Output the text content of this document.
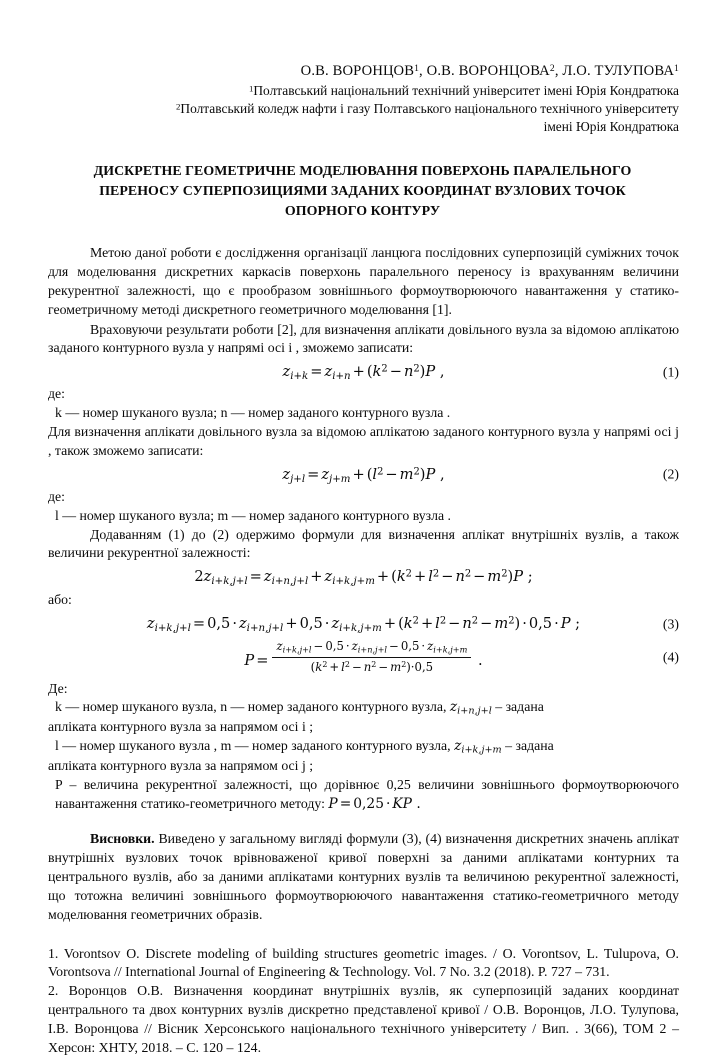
О.В. ВОРОНЦОВ$^1$, О.В. ВОРОНЦОВА$^2$, Л.О. ТУЛУПОВА$^1$
$^1$Полтавський національний технічний університет імені Юрія Кондратюка
$^2$Полтавський коледж нафти і газу Полтавського національного технічного університету
імені Юрія Кондратюка
ДИСКРЕТНЕ ГЕОМЕТРИЧНЕ МОДЕЛЮВАННЯ ПОВЕРХОНЬ ПАРАЛЕЛЬНОГО
ПЕРЕНОСУ СУПЕРПОЗИЦИЯМИ ЗАДАНИХ КООРДИНАТ ВУЗЛОВИХ ТОЧОК
ОПОРНОГО КОНТУРУ

Метою даної роботи є дослідження організації ланцюга послідовних суперпозицій суміжних точок для моделювання дискретних каркасів поверхонь паралельного переносу із врахуванням величини рекурентної залежності, що є прообразом зовнішнього формоутворюючого навантаження у статико-геометричному методі дискретного геометричного моделювання [1].

Враховуючи результати роботи [2], для визначення аплікати довільного вузла за відомою аплікатою заданого контурного вузла у напрямі осі i , зможемо записати:

$z_{i+k} = z_{i+n} + (k^2 - n^2)P$ ,	(1)

де:

k — номер шуканого вузла; n — номер заданого контурного вузла .

Для визначення аплікати довільного вузла за відомою аплікатою заданого контурного вузла у напрямі осі j , також зможемо записати:

$z_{j+l} = z_{j+m} + (l^2 - m^2)P$ ,	(2)

де:

l — номер шуканого вузла; m — номер заданого контурного вузла .

Додаванням (1) до (2) одержимо формули для визначення аплікат внутрішніх вузлів, а також величини рекурентної залежності:

$2z_{i+k,j+l} = z_{i+n,j+l} + z_{i+k,j+m} + (k^2 + l^2 - n^2 - m^2)P$ ;

або:

$z_{i+k,j+l} = 0,5 \cdot z_{i+n,j+l} + 0,5 \cdot z_{i+k,j+m} + (k^2 + l^2 - n^2 - m^2) \cdot 0,5 \cdot P$ ;	(3)
$P = \frac{z_{i+k,j+l} - 0,5 \cdot z_{i+n,j+l} - 0,5 \cdot z_{i+k,j+m}}{(k^2 + l^2 - n^2 - m^2)\cdot 0,5}$ .	(4)

Де:

k — номер шуканого вузла, n — номер заданого контурного вузла, $z_{i+n,j+l}$ – задана

апліката контурного вузла за напрямом осі i ;

l — номер шуканого вузла , m — номер заданого контурного вузла, $z_{i+k,j+m}$ – задана

апліката контурного вузла за напрямом осі j ;

P – величина рекурентної залежності, що дорівнює 0,25 величини зовнішнього формоутворюючого навантаження статико-геометричного методу: P = 0,25 · KP .

Висновки. Виведено у загальному вигляді формули (3), (4) визначення дискретних значень аплікат внутрішніх вузлових точок врівноваженої кривої поверхні за даними аплікатами контурних та центрального вузлів, або за даними аплікатами контурних вузлів та величиною рекурентної залежності, що тотожна величині зовнішнього формоутворюючого навантаження статико-геометричного методу моделювання геометричних образів.

1. Vorontsov O. Discrete modeling of building structures geometric images. / O. Vorontsov, L. Tulupova, O. Vorontsova // International Journal of Engineering & Technology. Vol. 7 No. 3.2 (2018). P. 727 – 731.

2. Воронцов О.В. Визначення координат внутрішніх вузлів, як суперпозицій заданих координат центрального та двох контурних вузлів дискретно представленої кривої / О.В. Воронцов, Л.О. Тулупова, І.В. Воронцова // Вісник Херсонського національного технічного університету / Вип. . 3(66), ТОМ 2 – Херсон: ХНТУ, 2018. – С. 120 – 124.
